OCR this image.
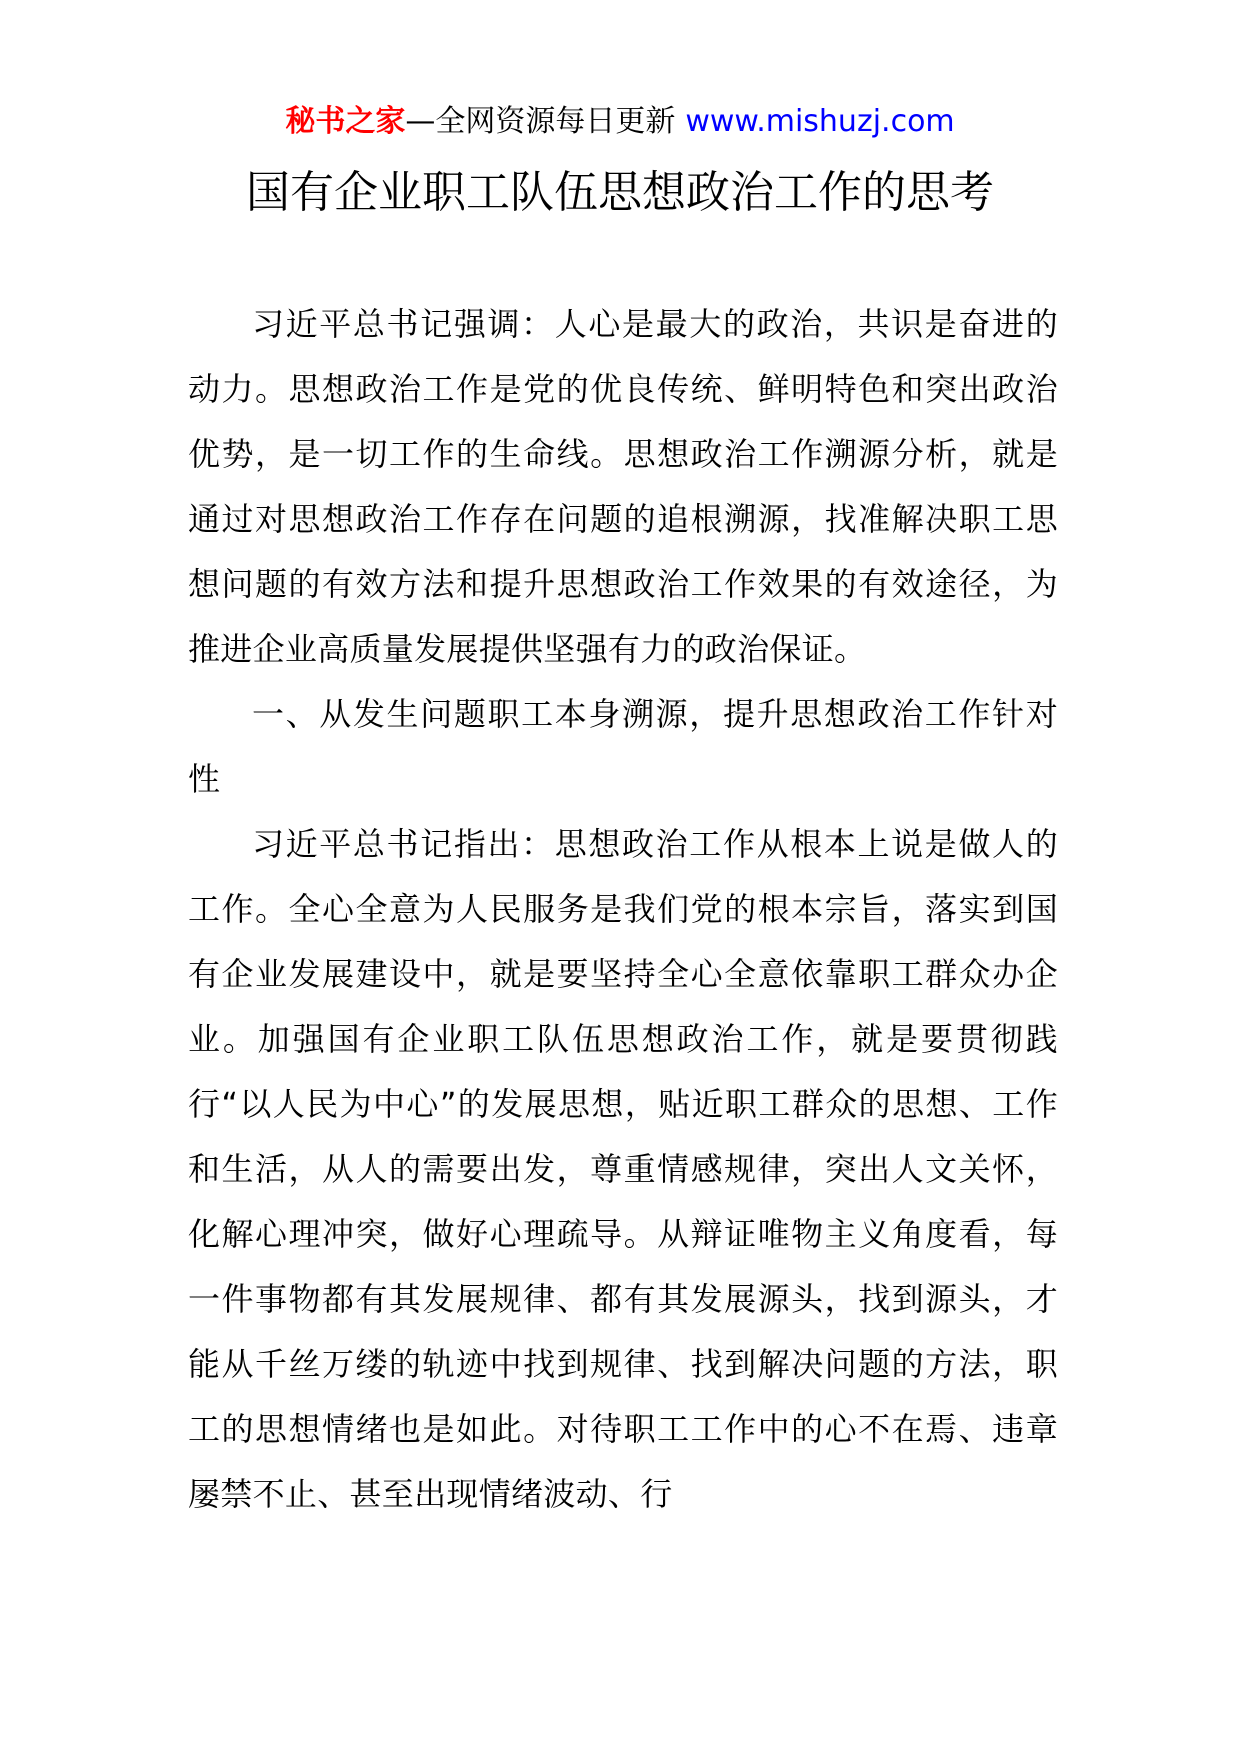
秘书之家—全网资源每日更新 www.mishuzj.com
国有企业职工队伍思想政治工作的思考

习近平总书记强调：人心是最大的政治，共识是奋进的动力。思想政治工作是党的优良传统、鲜明特色和突出政治优势，是一切工作的生命线。思想政治工作溯源分析，就是通过对思想政治工作存在问题的追根溯源，找准解决职工思想问题的有效方法和提升思想政治工作效果的有效途径，为推进企业高质量发展提供坚强有力的政治保证。

一、从发生问题职工本身溯源，提升思想政治工作针对性

习近平总书记指出：思想政治工作从根本上说是做人的工作。全心全意为人民服务是我们党的根本宗旨，落实到国有企业发展建设中，就是要坚持全心全意依靠职工群众办企业。加强国有企业职工队伍思想政治工作，就是要贯彻践行“以人民为中心”的发展思想，贴近职工群众的思想、工作和生活，从人的需要出发，尊重情感规律，突出人文关怀，化解心理冲突，做好心理疏导。从辩证唯物主义角度看，每一件事物都有其发展规律、都有其发展源头，找到源头，才能从千丝万缕的轨迹中找到规律、找到解决问题的方法，职工的思想情绪也是如此。对待职工工作中的心不在焉、违章屡禁不止、甚至出现情绪波动、行
